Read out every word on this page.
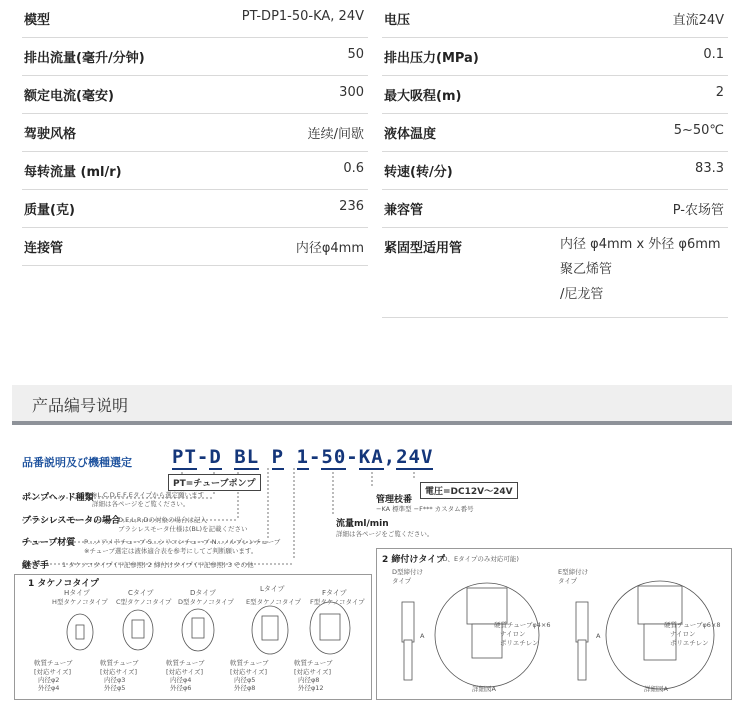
模型	PT-DP1-50-KA, 24V
排出流量(毫升/分钟)	50
额定电流(毫安)	300
驾驶风格	连续/间歇
每转流量 (ml/r)	0.6
质量(克)	236
连接管	内径φ4mm
电压	直流24V
排出压力(MPa)	0.1
最大吸程(m)	2
液体温度	5~50℃
转速(转/分)	83.3
兼容管	P-农场管
紧固型适用管	内径 φ4mm x 外径 φ6mm
聚乙烯管
/尼龙管
产品编号说明
品番説明及び機種選定 PT-D BL P 1-50-KA,24V
PT=チューブポンプ
ポンプヘッド種類
※L,C,D,E,F,Eタイプから選定願います
詳細は各ページをご覧ください。
ブラシレスモータの場合
D,E,L,R,Dの対象の場合は記入
ブラシレスモータ仕様は(BL)を記載ください
チューブ材質 P…ノアメドチューブ S…シリコンチューブ N…ノルプレンチューブ
※チューブ選定は液体適合表を参考にしてご判断願います。
流量ml/min
詳細は各ページをご覧ください。
管理枝番
−KA 標準型 −F*** カスタム番号
電圧=DC12V〜24V
継ぎ手 1 タケノコタイプ (下記参照) 2 締付けタイプ (下記参照) 3 その他
1 タケノコタイプ
Hタイプ
H型タケノコタイプ
軟質チューブ
[対応サイズ]
内径φ2
外径φ4
Cタイプ
C型タケノコタイプ
軟質チューブ
[対応サイズ]
内径φ3
外径φ5
Dタイプ
D型タケノコタイプ
軟質チューブ
[対応サイズ]
内径φ4
外径φ6
Lタイプ
E型タケノコタイプ
軟質チューブ
[対応サイズ]
内径φ5
外径φ8
Fタイプ
F型タケノコタイプ
軟質チューブ
[対応サイズ]
内径φ8
外径φ12
2 締付けタイプ
(D、Eタイプのみ対応可能)
D型締付け
タイプ
A
硬質チューブφ4×6
ナイロン
ポリエチレン
詳細図A
E型締付け
タイプ
A
硬質チューブφ6×8
ナイロン
ポリエチレン
詳細図A
